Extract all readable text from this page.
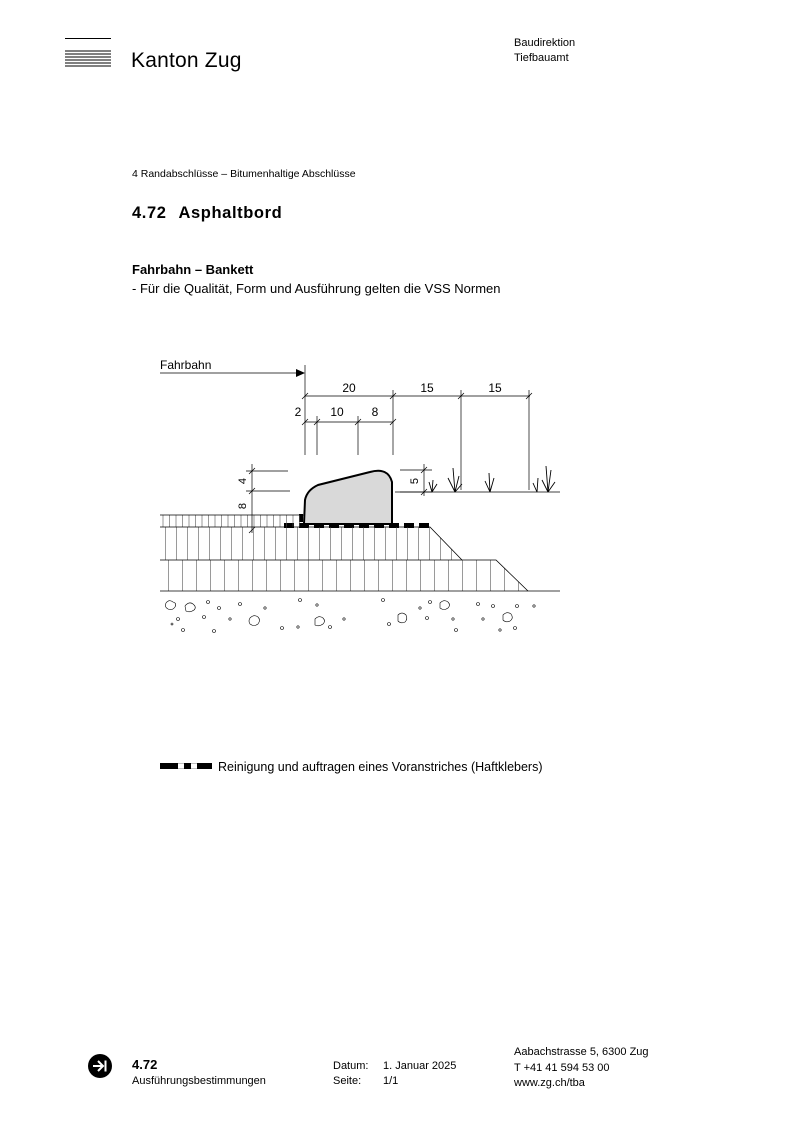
Kanton Zug
Baudirektion
Tiefbauamt
4 Randabschlüsse – Bitumenhaltige Abschlüsse
4.72 Asphaltbord
Fahrbahn – Bankett
- Für die Qualität, Form und Ausführung gelten die VSS Normen
Fahrbahn
20	15	15
2 10 8
4
8
5
Reinigung und auftragen eines Voranstriches (Haftklebers)
4.72
Ausführungsbestimmungen
Datum: 1. Januar 2025
Seite: 1/1
Aabachstrasse 5, 6300 Zug
T +41 41 594 53 00
www.zg.ch/tba
